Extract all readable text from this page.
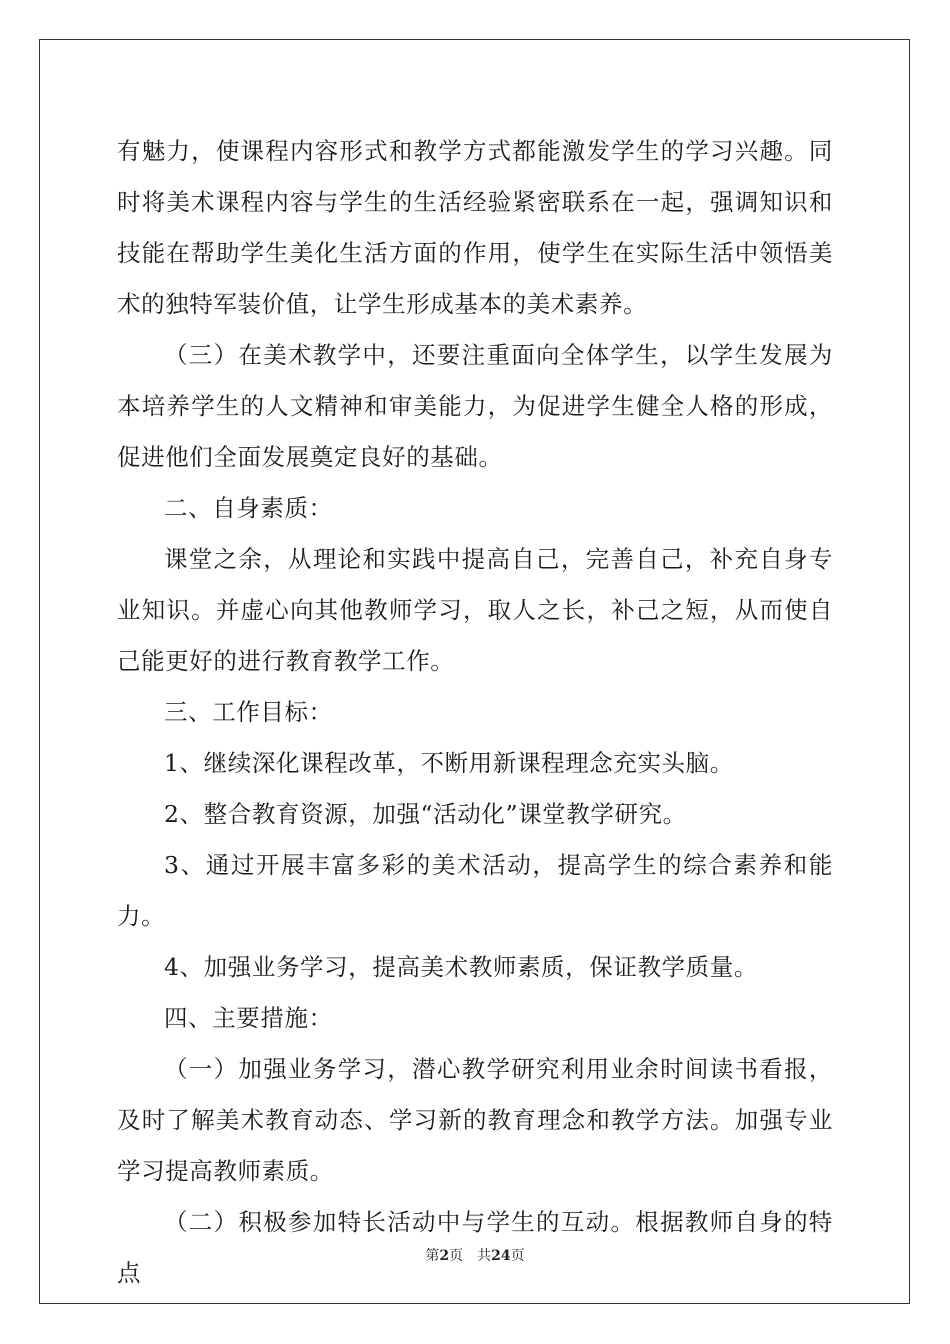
有魅力，使课程内容形式和教学方式都能激发学生的学习兴趣。同时将美术课程内容与学生的生活经验紧密联系在一起，强调知识和技能在帮助学生美化生活方面的作用，使学生在实际生活中领悟美术的独特军装价值，让学生形成基本的美术素养。

（三）在美术教学中，还要注重面向全体学生，以学生发展为本培养学生的人文精神和审美能力，为促进学生健全人格的形成，促进他们全面发展奠定良好的基础。

二、自身素质：

课堂之余，从理论和实践中提高自己，完善自己，补充自身专业知识。并虚心向其他教师学习，取人之长，补己之短，从而使自己能更好的进行教育教学工作。

三、工作目标：

1、继续深化课程改革，不断用新课程理念充实头脑。

2、整合教育资源，加强“活动化”课堂教学研究。

3、通过开展丰富多彩的美术活动，提高学生的综合素养和能力。

4、加强业务学习，提高美术教师素质，保证教学质量。

四、主要措施：

（一）加强业务学习，潜心教学研究利用业余时间读书看报，及时了解美术教育动态、学习新的教育理念和教学方法。加强专业学习提高教师素质。

（二）积极参加特长活动中与学生的互动。根据教师自身的特点

第2页 共24页
